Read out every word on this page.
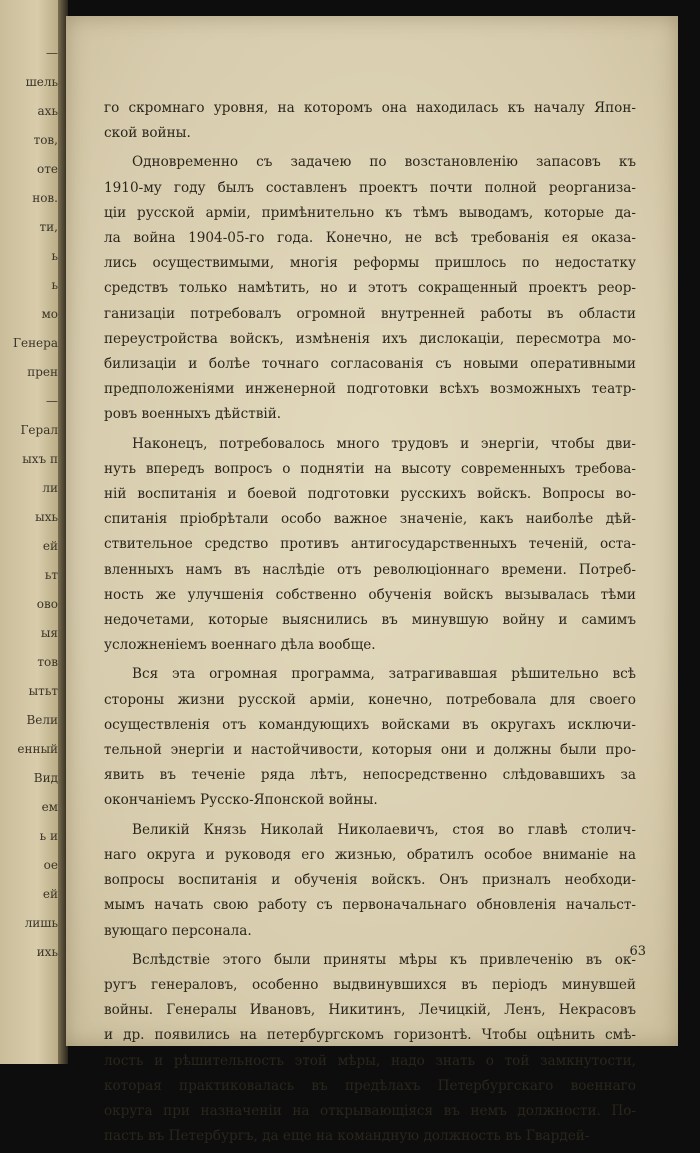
—
шель
ахь
тов,
оте
нов.
ти,
ь
ь
мо
Генера
прен
—
Герал
ыхъ п
ли
ыхь
ей
ьт
ово
ыя
тов
ытьт
Вели
енный
Вид
ем
ь и
ое
ей
лишь
ихь
го скромнаго уровня, на которомъ она находилась къ началу Япон-
ской войны.
Одновременно съ задачею по возстановленію запасовъ къ
1910-му году былъ составленъ проектъ почти полной реорганиза-
ціи русской арміи, примѣнительно къ тѣмъ выводамъ, которые да-
ла война 1904-05-го года. Конечно, не всѣ требованія ея оказа-
лись осуществимыми, многія реформы пришлось по недостатку
средствъ только намѣтить, но и этотъ сокращенный проектъ реор-
ганизаціи потребовалъ огромной внутренней работы въ области
переустройства войскъ, измѣненія ихъ дислокаціи, пересмотра мо-
билизаціи и болѣе точнаго согласованія съ новыми оперативными
предположеніями инженерной подготовки всѣхъ возможныхъ театр-
ровъ военныхъ дѣйствій.
Наконецъ, потребовалось много трудовъ и энергіи, чтобы дви-
нуть впередъ вопросъ о поднятіи на высоту современныхъ требова-
ній воспитанія и боевой подготовки русскихъ войскъ. Вопросы во-
спитанія пріобрѣтали особо важное значеніе, какъ наиболѣе дѣй-
ствительное средство противъ антигосударственныхъ теченій, оста-
вленныхъ намъ въ наслѣдіе отъ революціоннаго времени. Потреб-
ность же улучшенія собственно обученія войскъ вызывалась тѣми
недочетами, которые выяснились въ минувшую войну и самимъ
усложненіемъ военнаго дѣла вообще.
Вся эта огромная программа, затрагивавшая рѣшительно всѣ
стороны жизни русской арміи, конечно, потребовала для своего
осуществленія отъ командующихъ войсками въ округахъ исключи-
тельной энергіи и настойчивости, которыя они и должны были про-
явить въ теченіе ряда лѣтъ, непосредственно слѣдовавшихъ за
окончаніемъ Русско-Японской войны.
Великій Князь Николай Николаевичъ, стоя во главѣ столич-
наго округа и руководя его жизнью, обратилъ особое вниманіе на
вопросы воспитанія и обученія войскъ. Онъ призналъ необходи-
мымъ начать свою работу съ первоначальнаго обновленія начальст-
вующаго персонала.
Вслѣдствіе этого были приняты мѣры къ привлеченію въ ок-
ругъ генераловъ, особенно выдвинувшихся въ періодъ минувшей
войны. Генералы Ивановъ, Никитинъ, Лечицкій, Ленъ, Некрасовъ
и др. появились на петербургскомъ горизонтѣ. Чтобы оцѣнить смѣ-
лость и рѣшительность этой мѣры, надо знать о той замкнутости,
которая практиковалась въ предѣлахъ Петербургскаго военнаго
округа при назначеніи на открывающіяся въ немъ должности. По-
пасть въ Петербургъ, да еще на командную должность въ Гвардей-
63
